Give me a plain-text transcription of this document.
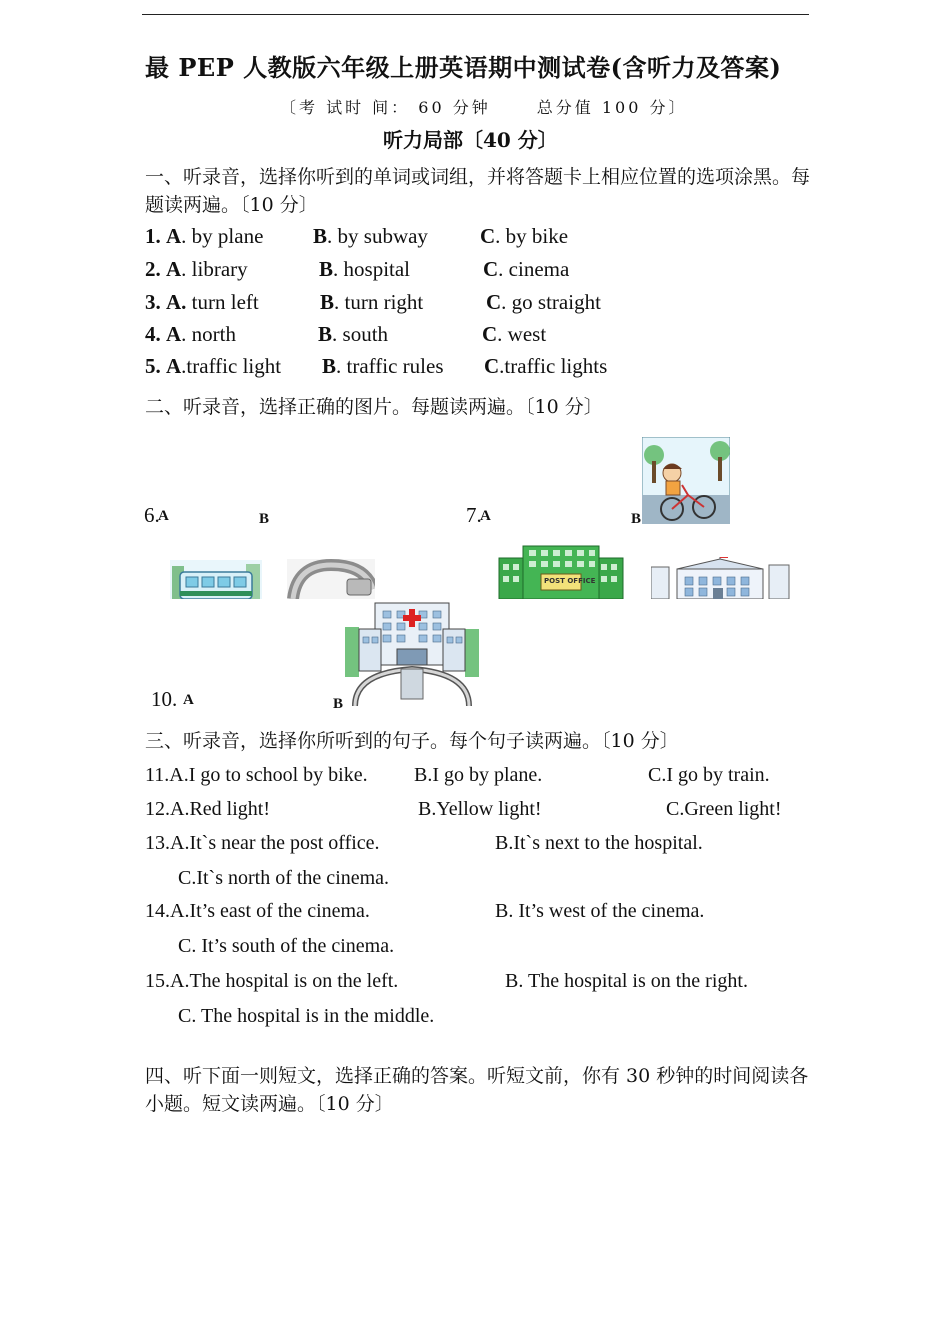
最 PEP 人教版六年级上册英语期中测试卷(含听力及答案)
〔考 试时 间： 60 分钟　　 总分值 100 分〕
听力局部〔40 分〕
一、听录音，选择你听到的单词或词组，并将答题卡上相应位置的选项涂黑。每题读两遍。〔10 分〕
1. A. by plane B. by subway C. by bike
2. A. library	B. hospital	C. cinema
3. A. turn left	B. turn right	C. go straight
4. A. north	B. south	C. west
5. A.traffic light B. traffic rules C.traffic lights
二、听录音，选择正确的图片。每题读两遍。〔10 分〕
6.
A	B	7.
A	B
POST OFFICE
10. A	B
三、听录音，选择你所听到的句子。每个句子读两遍。〔10 分〕
11.A.I go to school by bike. B.I go by plane.	C.I go by train.
12.A.Red light!	B.Yellow light!	C.Green light!
13.A.It`s near the post office.	B.It`s next to the hospital.
C.It`s north of the cinema.
14.A.It’s east of the cinema.	B. It’s west of the cinema.
C. It’s south of the cinema.
15.A.The hospital is on the left.	B. The hospital is on the right.
C. The hospital is in the middle.
四、听下面一则短文，选择正确的答案。听短文前，你有 30 秒钟的时间阅读各小题。短文读两遍。〔10 分〕
